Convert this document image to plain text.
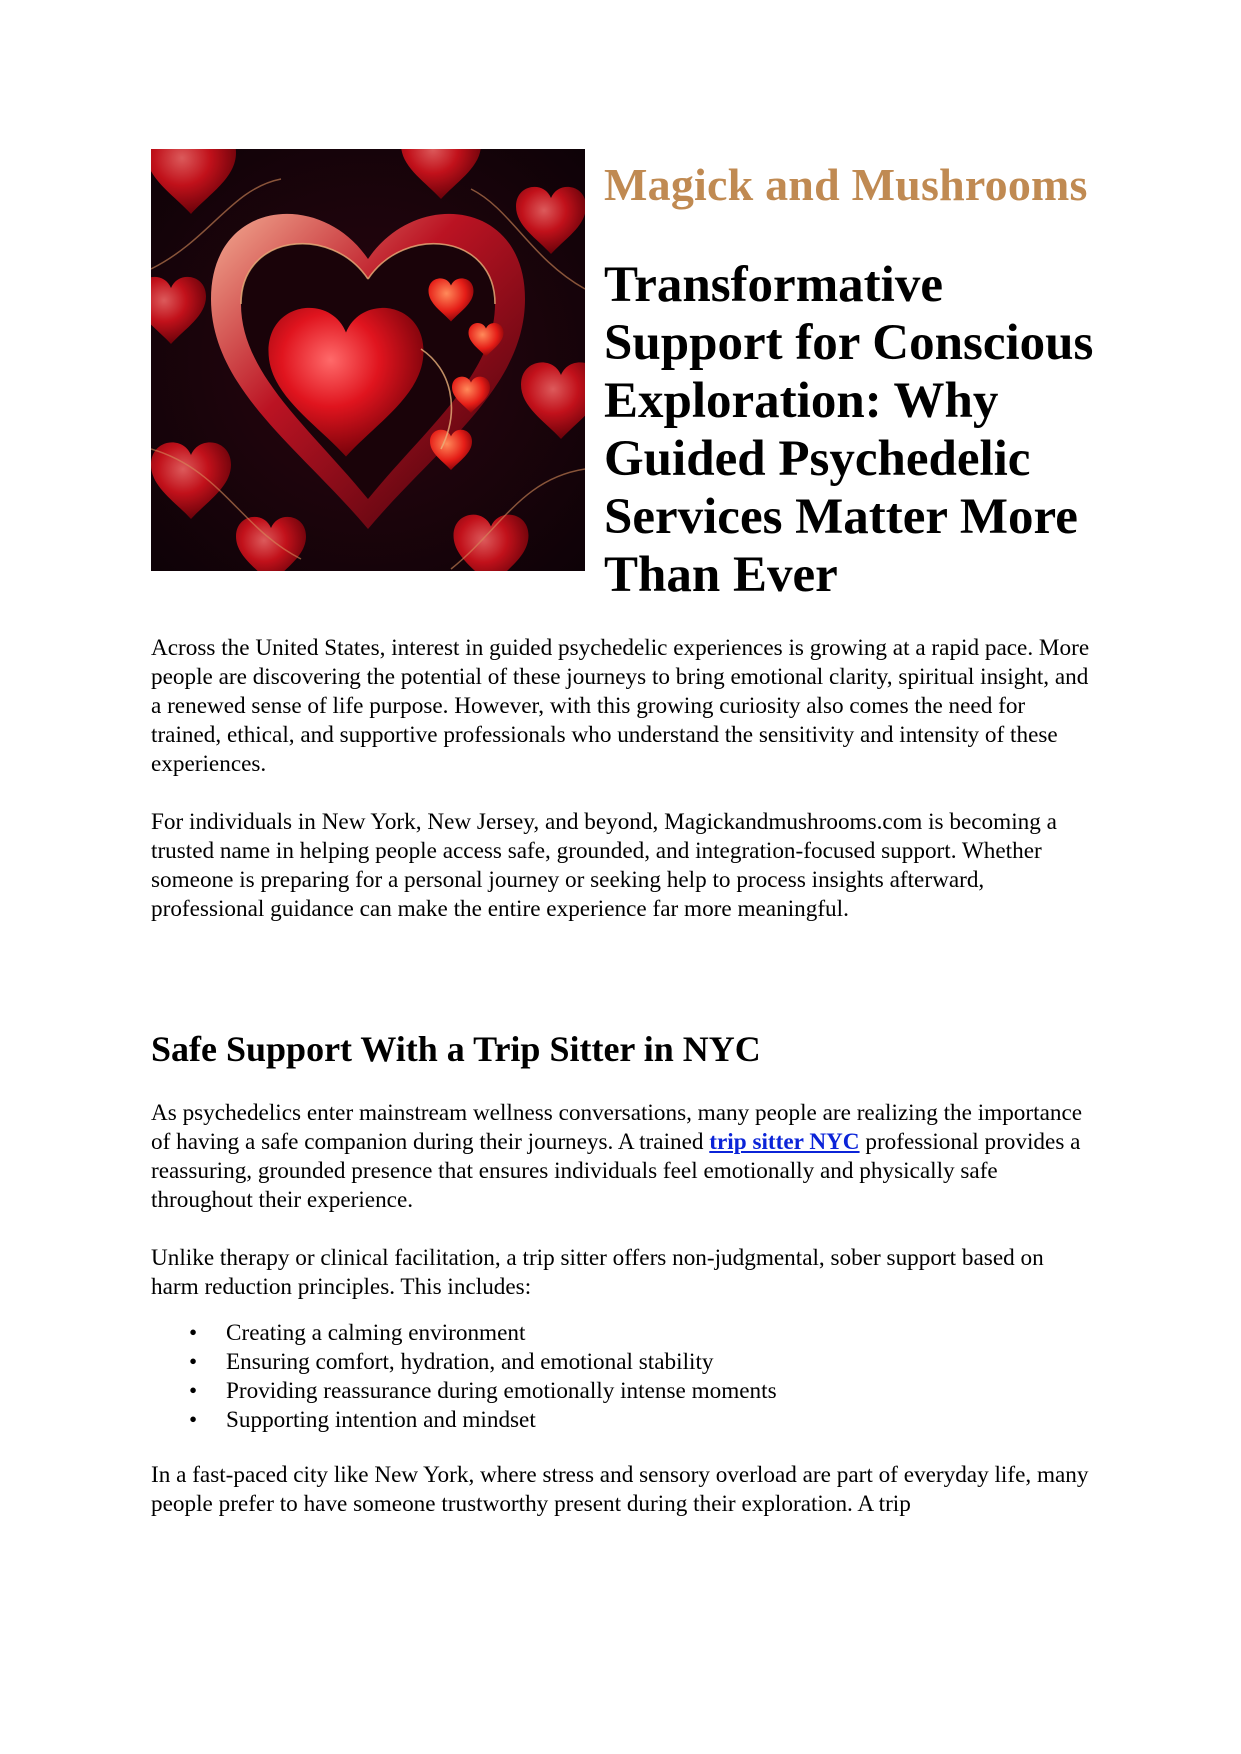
Magick and Mushrooms
Transformative Support for Conscious Exploration: Why Guided Psychedelic Services Matter More Than Ever

Across the United States, interest in guided psychedelic experiences is growing at a rapid pace. More people are discovering the potential of these journeys to bring emotional clarity, spiritual insight, and a renewed sense of life purpose. However, with this growing curiosity also comes the need for trained, ethical, and supportive professionals who understand the sensitivity and intensity of these experiences.

For individuals in New York, New Jersey, and beyond, Magickandmushrooms.com is becoming a trusted name in helping people access safe, grounded, and integration-focused support. Whether someone is preparing for a personal journey or seeking help to process insights afterward, professional guidance can make the entire experience far more meaningful.

Safe Support With a Trip Sitter in NYC

As psychedelics enter mainstream wellness conversations, many people are realizing the importance of having a safe companion during their journeys. A trained trip sitter NYC professional provides a reassuring, grounded presence that ensures individuals feel emotionally and physically safe throughout their experience.

Unlike therapy or clinical facilitation, a trip sitter offers non-judgmental, sober support based on harm reduction principles. This includes:

• Creating a calming environment
• Ensuring comfort, hydration, and emotional stability
• Providing reassurance during emotionally intense moments
• Supporting intention and mindset

In a fast-paced city like New York, where stress and sensory overload are part of everyday life, many people prefer to have someone trustworthy present during their exploration. A trip
